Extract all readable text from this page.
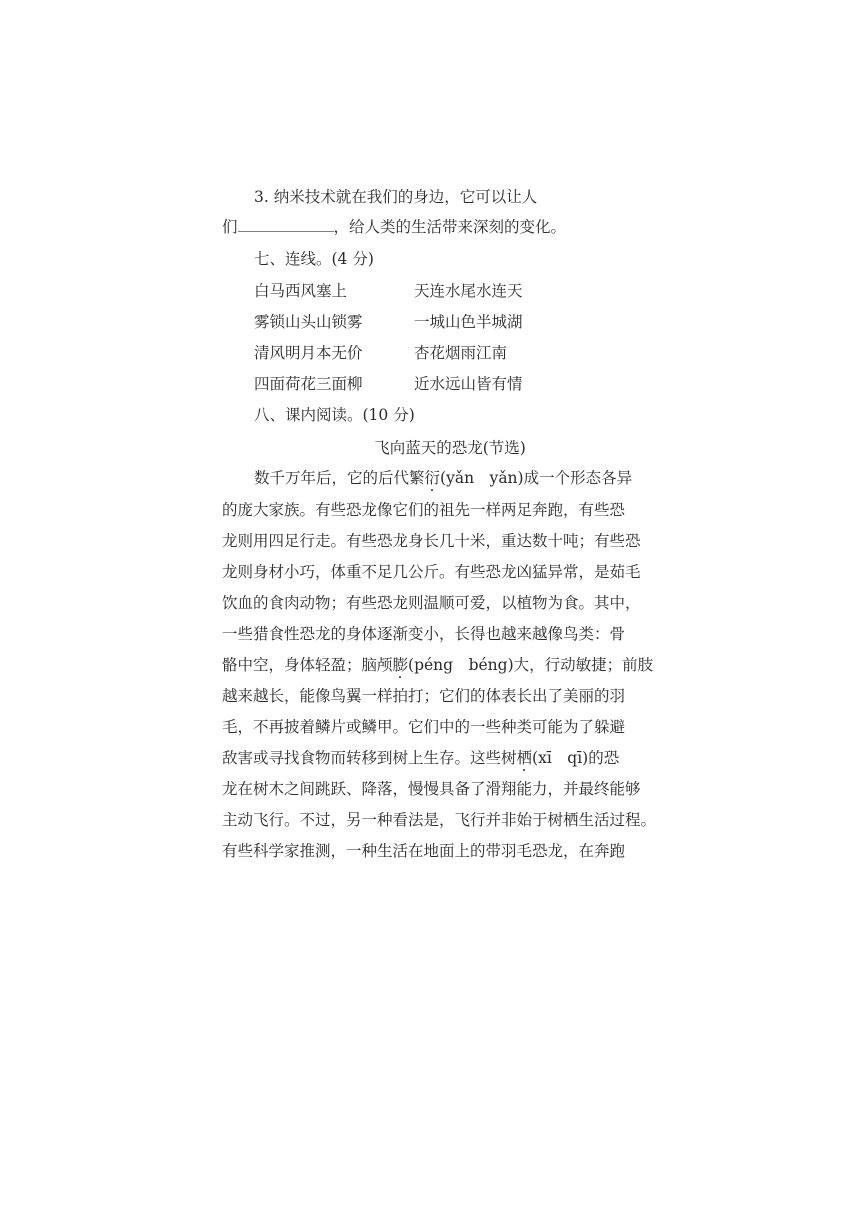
3. 纳米技术就在我们的身边，它可以让人
们	，给人类的生活带来深刻的变化。
七、连线。(4 分)
白马西风塞上	天连水尾水连天
雾锁山头山锁雾	一城山色半城湖
清风明月本无价	杏花烟雨江南
四面荷花三面柳	近水远山皆有情
八、课内阅读。(10 分)
飞向蓝天的恐龙(节选)
数千万年后，它的后代繁衍(yǎn　yǎn)成一个形态各异
的庞大家族。有些恐龙像它们的祖先一样两足奔跑，有些恐
龙则用四足行走。有些恐龙身长几十米，重达数十吨；有些恐
龙则身材小巧，体重不足几公斤。有些恐龙凶猛异常，是茹毛
饮血的食肉动物；有些恐龙则温顺可爱，以植物为食。其中，
一些猎食性恐龙的身体逐渐变小，长得也越来越像鸟类：骨
骼中空，身体轻盈；脑颅膨(péng　béng)大，行动敏捷；前肢
越来越长，能像鸟翼一样拍打；它们的体表长出了美丽的羽
毛，不再披着鳞片或鳞甲。它们中的一些种类可能为了躲避
敌害或寻找食物而转移到树上生存。这些树栖(xī　qī)的恐
龙在树木之间跳跃、降落，慢慢具备了滑翔能力，并最终能够
主动飞行。不过，另一种看法是，飞行并非始于树栖生活过程。
有些科学家推测，一种生活在地面上的带羽毛恐龙，在奔跑
